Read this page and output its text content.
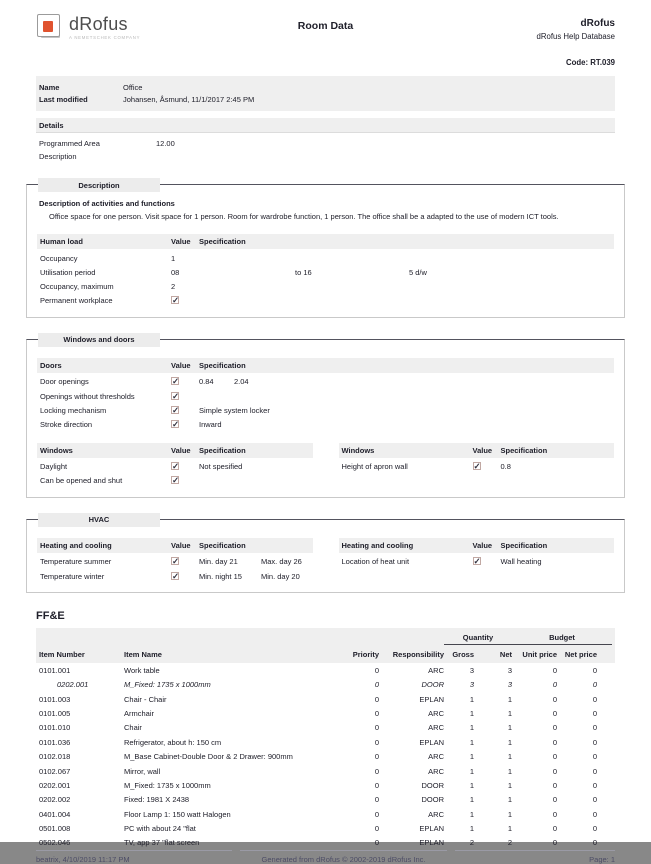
dRofus
A NEMETSCHEK COMPANY
Room Data	dRofus
dRofus Help Database
Code: RT.039
Name	Office
Last modified	Johansen, Åsmund, 11/1/2017 2:45 PM
Details
Programmed Area	12.00
Description
Description
Description of activities and functions
Office space for one person. Visit space for 1 person. Room for wardrobe function, 1 person. The office shall be a adapted to the use of modern ICT tools.
Human load	Value	Specification
Occupancy	1
Utilisation period	08	to 16	5 d/w
Occupancy, maximum	2
Permanent workplace	✓
Windows and doors
Doors	Value	Specification
Door openings	✓	0.84	2.04
Openings without thresholds	✓
Locking mechanism	✓	Simple system locker
Stroke direction	✓	Inward
Windows	Value	Specification
Daylight	✓	Not spesified
Can be opened and shut	✓
Windows	Value	Specification
Height of apron wall	✓	0.8
HVAC
Heating and cooling	Value	Specification
Temperature summer	✓	Min. day 21	Max. day 26
Temperature winter	✓	Min. night 15	Min. day 20
Heating and cooling	Value	Specification
Location of heat unit	✓	Wall heating
FF&E
Quantity	Budget
Item Number	Item Name	Priority	Responsibility	Gross	Net	Unit price	Net price
0101.001	Work table	0	ARC	3	3	0	0
0202.001	M_Fixed: 1735 x 1000mm	0	DOOR	3	3	0	0
0101.003	Chair - Chair	0	EPLAN	1	1	0	0
0101.005	Armchair	0	ARC	1	1	0	0
0101.010	Chair	0	ARC	1	1	0	0
0101.036	Refrigerator, about h: 150 cm	0	EPLAN	1	1	0	0
0102.018	M_Base Cabinet-Double Door & 2 Drawer: 900mm	0	ARC	1	1	0	0
0102.067	Mirror, wall	0	ARC	1	1	0	0
0202.001	M_Fixed: 1735 x 1000mm	0	DOOR	1	1	0	0
0202.002	Fixed: 1981 X 2438	0	DOOR	1	1	0	0
0401.004	Floor Lamp 1: 150 watt Halogen	0	ARC	1	1	0	0
0501.008	PC with about 24 "flat	0	EPLAN	1	1	0	0
0502.046	TV, app 37 "flat screen	0	EPLAN	2	2	0	0
beatrix, 4/10/2019 11:17 PM	Generated from dRofus © 2002-2019 dRofus Inc.	Page: 1
